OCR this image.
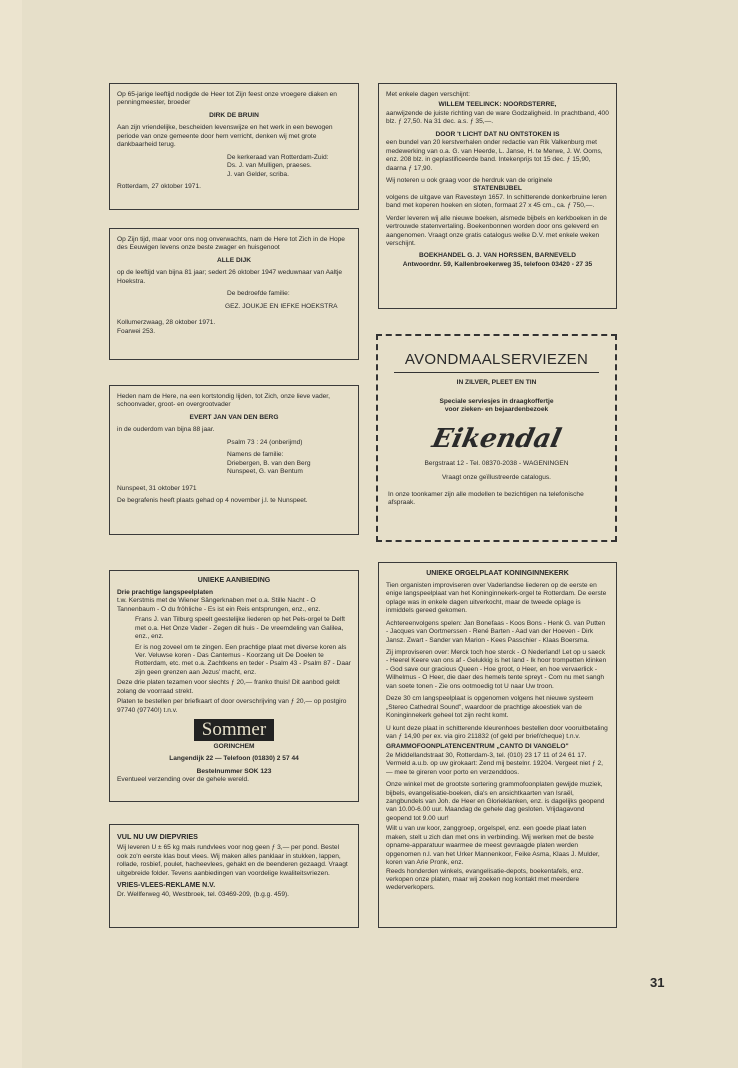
Op 65-jarige leeftijd nodigde de Heer tot Zijn feest onze vroegere diaken en penningmeester, broeder

DIRK DE BRUIN

Aan zijn vriendelijke, bescheiden levenswijze en het werk in een bewogen periode van onze gemeente door hem verricht, denken wij met grote dankbaarheid terug.

De kerkeraad van Rotterdam-Zuid:
Ds. J. van Mulligen, praeses.
J. van Gelder, scriba.

Rotterdam, 27 oktober 1971.

Op Zijn tijd, maar voor ons nog onverwachts, nam de Here tot Zich in de Hope des Eeuwigen levens onze beste zwager en huisgenoot

ALLE DIJK

op de leeftijd van bijna 81 jaar; sedert 26 oktober 1947 weduwnaar van Aaltje Hoekstra.

De bedroefde familie:

GEZ. JOUKJE EN IEFKE HOEKSTRA

Kollumerzwaag, 28 oktober 1971.
Foarwei 253.

Heden nam de Here, na een kortstondig lijden, tot Zich, onze lieve vader, schoonvader, groot- en overgrootvader

EVERT JAN VAN DEN BERG

in de ouderdom van bijna 88 jaar.

Psalm 73 : 24 (onberijmd)

Namens de familie:
Driebergen, B. van den Berg
Nunspeet, G. van Bentum

Nunspeet, 31 oktober 1971

De begrafenis heeft plaats gehad op 4 november j.l. te Nunspeet.

UNIEKE AANBIEDING
Drie prachtige langspeelplaten

t.w. Kerstmis met de Wiener Sängerknaben met o.a. Stille Nacht - O Tannenbaum - O du fröhliche - Es ist ein Reis entsprungen, enz., enz.

Frans J. van Tilburg speelt geestelijke liederen op het Pels-orgel te Delft met o.a. Het Onze Vader - Zegen dit huis - De vreemdeling van Galilea, enz., enz.

Er is nog zoveel om te zingen. Een prachtige plaat met diverse koren als Ver. Veluwse koren - Das Cantemus - Koorzang uit De Doelen te Rotterdam, etc. met o.a. Zachtkens en teder - Psalm 43 - Psalm 87 - Daar zijn geen grenzen aan Jezus' macht, enz.

Deze drie platen tezamen voor slechts ƒ 20,— franko thuis! Dit aanbod geldt zolang de voorraad strekt.

Platen te bestellen per briefkaart of door overschrijving van ƒ 20,— op postgiro 97740 (97740!) t.n.v.

Sommer
GORINCHEM
Langendijk 22 — Telefoon (01830) 2 57 44
Bestelnummer SOK 123
Eventueel verzending over de gehele wereld.
VUL NU UW DIEPVRIES

Wij leveren U ± 65 kg mals rundvlees voor nog geen ƒ 3,— per pond. Bestel ook zo'n eerste klas bout vlees. Wij maken alles panklaar in stukken, lappen, rollade, rosbief, poulet, hacheevlees, gehakt en de beenderen gezaagd. Vraagt uitgebreide folder. Tevens aanbiedingen van voordelige kwaliteitsvriezen.

VRIES-VLEES-REKLAME N.V.
Dr. Wellferweg 40, Westbroek, tel. 03469-209, (b.g.g. 459).

Met enkele dagen verschijnt:

WILLEM TEELINCK: NOORDSTERRE,

aanwijzende de juiste richting van de ware Godzaligheid. In prachtband, 400 blz. ƒ 27,50. Na 31 dec. a.s. ƒ 35,—.

DOOR 't LICHT DAT NU ONTSTOKEN IS

een bundel van 20 kerstverhalen onder redactie van Rik Valkenburg met medewerking van o.a. G. van Heerde, L. Janse, H. te Merwe, J. W. Ooms, enz. 208 blz. in geplastificeerde band. Intekenprijs tot 15 dec. ƒ 15,90, daarna ƒ 17,90.

Wij noteren u ook graag voor de herdruk van de originele
STATENBIJBEL

volgens de uitgave van Ravesteyn 1657. In schitterende donkerbruine leren band met koperen hoeken en sloten, formaat 27 x 45 cm., ca. ƒ 750,—.

Verder leveren wij alle nieuwe boeken, alsmede bijbels en kerkboeken in de vertrouwde statenvertaling. Boekenbonnen worden door ons geleverd en aangenomen. Vraagt onze gratis catalogus welke D.V. met enkele weken verschijnt.

BOEKHANDEL G. J. VAN HORSSEN, BARNEVELD
Antwoordnr. 59, Kallenbroekerweg 35, telefoon 03420 - 27 35
AVONDMAALSERVIEZEN
IN ZILVER, PLEET EN TIN
Speciale serviesjes in draagkoffertje
voor zieken- en bejaardenbezoek
Eikendal
Bergstraat 12 - Tel. 08370-2038 - WAGENINGEN
Vraagt onze geïllustreerde catalogus.
In onze toonkamer zijn alle modellen te bezichtigen na telefonische afspraak.
UNIEKE ORGELPLAAT KONINGINNEKERK

Tien organisten improviseren over Vaderlandse liederen op de eerste en enige langspeelplaat van het Koninginnekerk-orgel te Rotterdam. De eerste oplage was in enkele dagen uitverkocht, maar de tweede oplage is inmiddels gereed gekomen.

Achtereenvolgens spelen: Jan Bonefaas - Koos Bons - Henk G. van Putten - Jacques van Oortmerssen - René Barten - Aad van der Hoeven - Dirk Jansz. Zwart - Sander van Marion - Kees Passchier - Klaas Boersma.

Zij improviseren over: Merck toch hoe sterck - O Nederland! Let op u saeck - Heerel Keere van ons af - Gelukkig is het land - Ik hoor trompetten klinken - God save our gracious Queen - Hoe groot, o Heer, en hoe vervaerlick - Wilhelmus - O Heer, die daer des hemels tente spreyt - Com nu met sangh van soete tonen - Zie ons ootmoedig tot U naar Uw troon.

Deze 30 cm langspeelplaat is opgenomen volgens het nieuwe systeem „Stereo Cathedral Sound", waardoor de prachtige akoestiek van de Koninginnekerk geheel tot zijn recht komt.

U kunt deze plaat in schitterende kleurenhoes bestellen door vooruitbetaling van ƒ 14,90 per ex. via giro 211832 (of geld per brief/cheque) t.n.v.

GRAMMOFOONPLATENCENTRUM „CANTO DI VANGELO"

2e Middellandstraat 30, Rotterdam-3, tel. (010) 23 17 11 of 24 61 17. Vermeld a.u.b. op uw girokaart: Zend mij bestelnr. 19204. Vergeet niet ƒ 2,— mee te gireren voor porto en verzenddoos.

Onze winkel met de grootste sortering grammofoonplaten gewijde muziek, bijbels, evangelisatie-boeken, dia's en ansichtkaarten van Israël, zangbundels van Joh. de Heer en Glorieklanken, enz. is dagelijks geopend van 10.00-6.00 uur. Maandag de gehele dag gesloten. Vrijdagavond geopend tot 9.00 uur!

Wilt u van uw koor, zanggroep, orgelspel, enz. een goede plaat laten maken, stelt u zich dan met ons in verbinding. Wij werken met de beste opname-apparatuur waarmee de meest gevraagde platen werden opgenomen n.l. van het Urker Mannenkoor, Feike Asma, Klaas J. Mulder, koren van Arie Pronk, enz.

Reeds honderden winkels, evangelisatie-depots, boekentafels, enz. verkopen onze platen, maar wij zoeken nog kontakt met meerdere wederverkopers.

31
